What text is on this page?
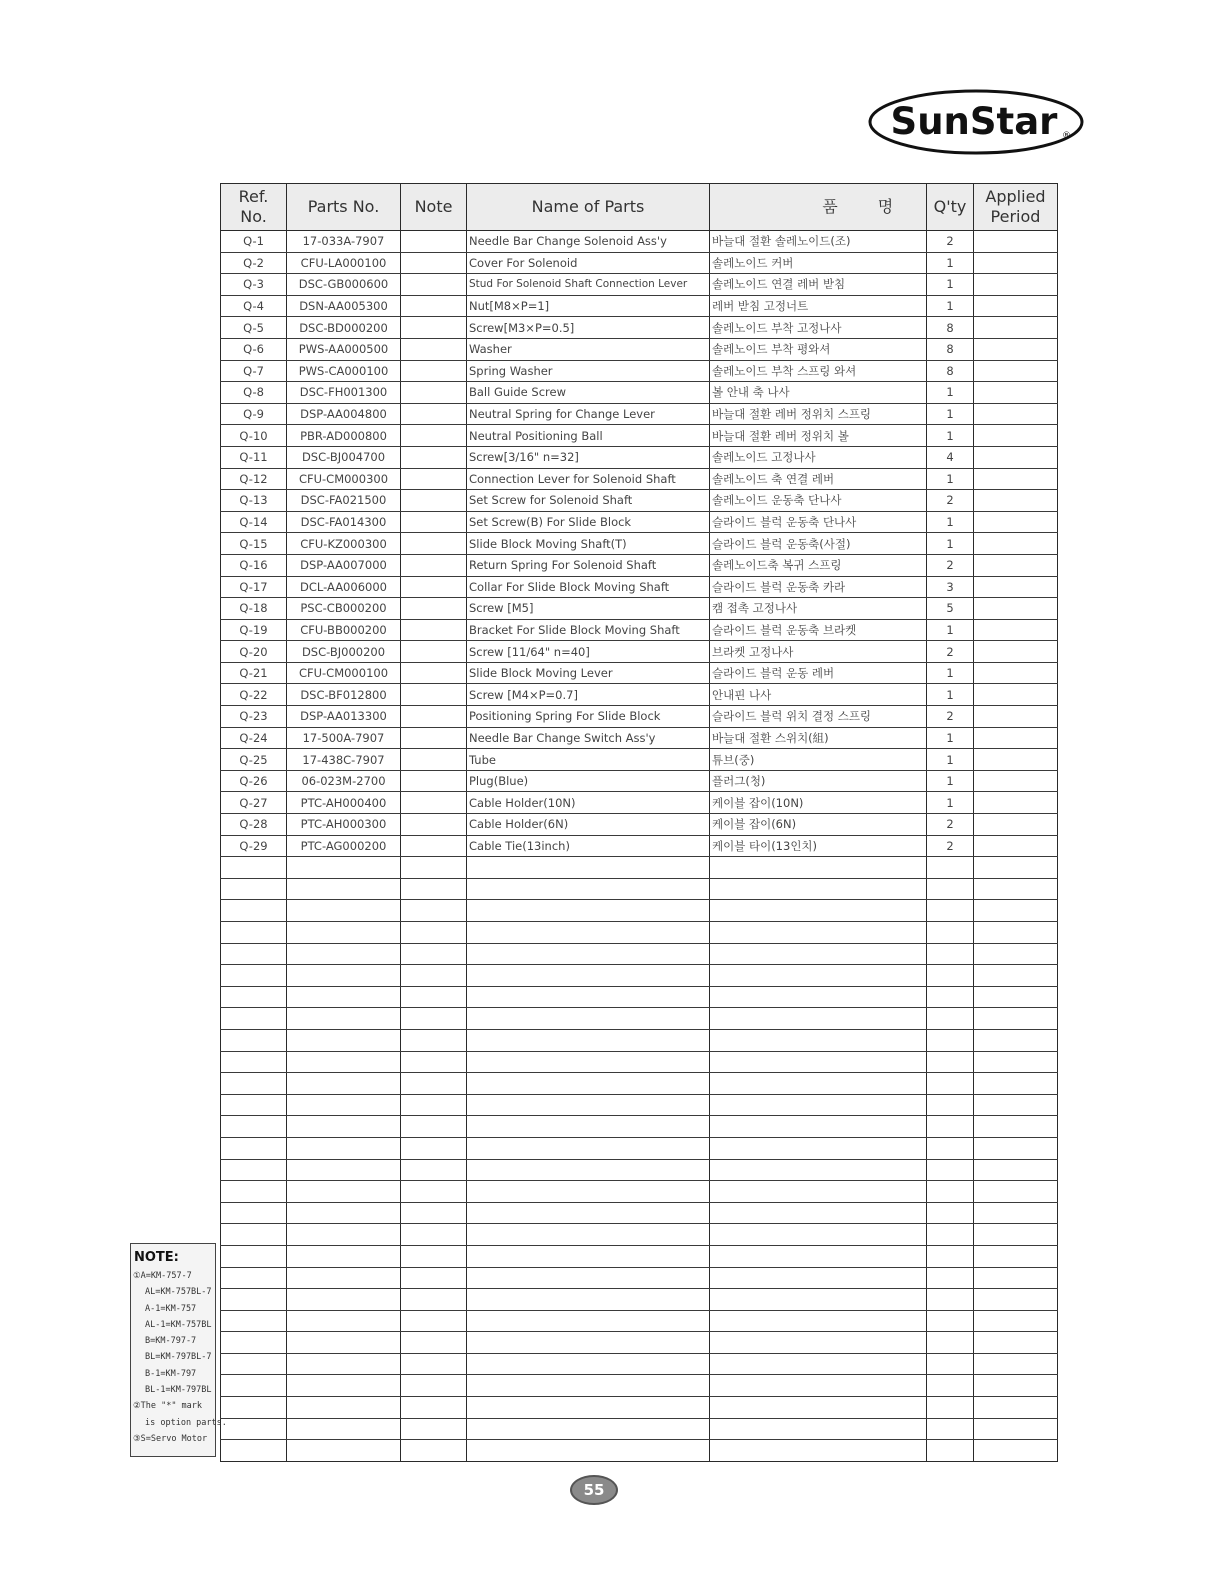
SunStar ®
Ref. No.	Parts No.	Note	Name of Parts	품 명	Q'ty	Applied Period
Q-1	17-033A-7907		Needle Bar Change Solenoid Ass'y	바늘대 절환 솔레노이드(조)	2	
Q-2	CFU-LA000100		Cover For Solenoid	솔레노이드 커버	1	
Q-3	DSC-GB000600		Stud For Solenoid Shaft Connection Lever	솔레노이드 연결 레버 받침	1	
Q-4	DSN-AA005300		Nut[M8×P=1]	레버 받침 고정너트	1	
Q-5	DSC-BD000200		Screw[M3×P=0.5]	솔레노이드 부착 고정나사	8	
Q-6	PWS-AA000500		Washer	솔레노이드 부착 평와셔	8	
Q-7	PWS-CA000100		Spring Washer	솔레노이드 부착 스프링 와셔	8	
Q-8	DSC-FH001300		Ball Guide Screw	볼 안내 축 나사	1	
Q-9	DSP-AA004800		Neutral Spring for Change Lever	바늘대 절환 레버 정위치 스프링	1	
Q-10	PBR-AD000800		Neutral Positioning Ball	바늘대 절환 레버 정위치 볼	1	
Q-11	DSC-BJ004700		Screw[3/16" n=32]	솔레노이드 고정나사	4	
Q-12	CFU-CM000300		Connection Lever for Solenoid Shaft	솔레노이드 축 연결 레버	1	
Q-13	DSC-FA021500		Set Screw for Solenoid Shaft	솔레노이드 운동축 단나사	2	
Q-14	DSC-FA014300		Set Screw(B) For Slide Block	슬라이드 블럭 운동축 단나사	1	
Q-15	CFU-KZ000300		Slide Block Moving Shaft(T)	슬라이드 블럭 운동축(사절)	1	
Q-16	DSP-AA007000		Return Spring For Solenoid Shaft	솔레노이드축 복귀 스프링	2	
Q-17	DCL-AA006000		Collar For Slide Block Moving Shaft	슬라이드 블럭 운동축 카라	3	
Q-18	PSC-CB000200		Screw [M5]	캠 접촉 고정나사	5	
Q-19	CFU-BB000200		Bracket For Slide Block Moving Shaft	슬라이드 블럭 운동축 브라켓	1	
Q-20	DSC-BJ000200		Screw [11/64" n=40]	브라켓 고정나사	2	
Q-21	CFU-CM000100		Slide Block Moving Lever	슬라이드 블럭 운동 레버	1	
Q-22	DSC-BF012800		Screw [M4×P=0.7]	안내핀 나사	1	
Q-23	DSP-AA013300		Positioning Spring For Slide Block	슬라이드 블럭 위치 결정 스프링	2	
Q-24	17-500A-7907		Needle Bar Change Switch Ass'y	바늘대 절환 스위치(組)	1	
Q-25	17-438C-7907		Tube	튜브(중)	1	
Q-26	06-023M-2700		Plug(Blue)	플러그(청)	1	
Q-27	PTC-AH000400		Cable Holder(10N)	케이블 잡이(10N)	1	
Q-28	PTC-AH000300		Cable Holder(6N)	케이블 잡이(6N)	2	
Q-29	PTC-AG000200		Cable Tie(13inch)	케이블 타이(13인치)	2	

NOTE:
①A=KM-757-7
AL=KM-757BL-7
A-1=KM-757
AL-1=KM-757BL
B=KM-797-7
BL=KM-797BL-7
B-1=KM-797
BL-1=KM-797BL
②The "*" mark
is option parts.
③S=Servo Motor
55
